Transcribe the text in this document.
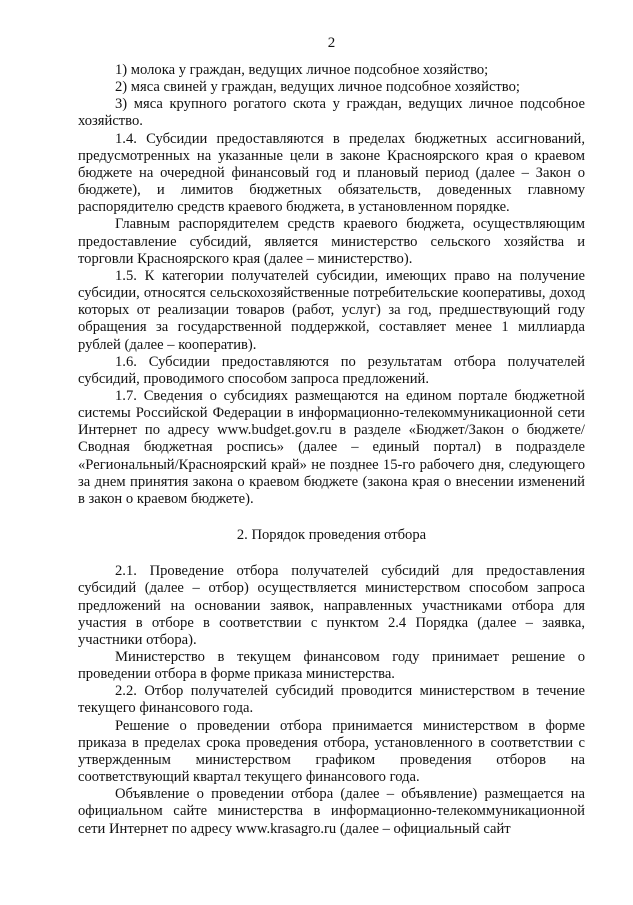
2

1) молока у граждан, ведущих личное подсобное хозяйство;

2) мяса свиней у граждан, ведущих личное подсобное хозяйство;

3) мяса крупного рогатого скота у граждан, ведущих личное подсобное хозяйство.

1.4. Субсидии предоставляются в пределах бюджетных ассигнований, предусмотренных на указанные цели в законе Красноярского края о краевом бюджете на очередной финансовый год и плановый период (далее – Закон о бюджете), и лимитов бюджетных обязательств, доведенных главному распорядителю средств краевого бюджета, в установленном порядке.

Главным распорядителем средств краевого бюджета, осуществляющим предоставление субсидий, является министерство сельского хозяйства и торговли Красноярского края (далее – министерство).

1.5. К категории получателей субсидии, имеющих право на получение субсидии, относятся сельскохозяйственные потребительские кооперативы, доход которых от реализации товаров (работ, услуг) за год, предшествующий году обращения за государственной поддержкой, составляет менее 1 миллиарда рублей (далее – кооператив).

1.6. Субсидии предоставляются по результатам отбора получателей субсидий, проводимого способом запроса предложений.

1.7. Сведения о субсидиях размещаются на едином портале бюджетной системы Российской Федерации в информационно-телекоммуникационной сети Интернет по адресу www.budget.gov.ru в разделе «Бюджет/Закон о бюджете/Сводная бюджетная роспись» (далее – единый портал) в подразделе «Региональный/Красноярский край» не позднее 15-го рабочего дня, следующего за днем принятия закона о краевом бюджете (закона края о внесении изменений в закон о краевом бюджете).

2. Порядок проведения отбора

2.1. Проведение отбора получателей субсидий для предоставления субсидий (далее – отбор) осуществляется министерством способом запроса предложений на основании заявок, направленных участниками отбора для участия в отборе в соответствии с пунктом 2.4 Порядка (далее – заявка, участники отбора).

Министерство в текущем финансовом году принимает решение о проведении отбора в форме приказа министерства.

2.2. Отбор получателей субсидий проводится министерством в течение текущего финансового года.

Решение о проведении отбора принимается министерством в форме приказа в пределах срока проведения отбора, установленного в соответствии с утвержденным министерством графиком проведения отборов на соответствующий квартал текущего финансового года.

Объявление о проведении отбора (далее – объявление) размещается на официальном сайте министерства в информационно-телекоммуникационной сети Интернет по адресу www.krasagro.ru (далее – официальный сайт
